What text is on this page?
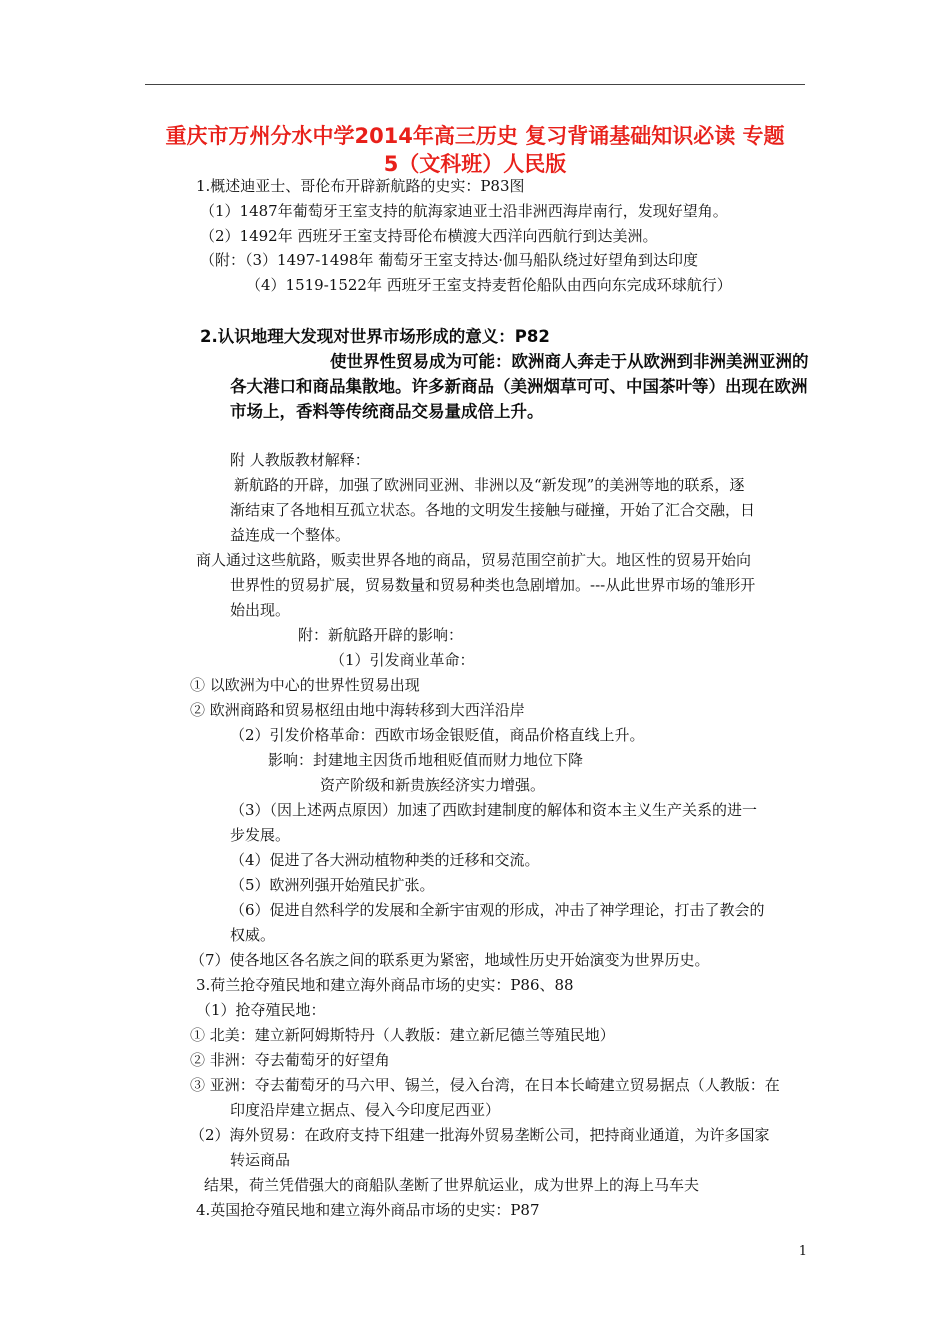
重庆市万州分水中学2014年高三历史 复习背诵基础知识必读 专题
5（文科班）人民版
1.概述迪亚士、哥伦布开辟新航路的史实：P83图
（1）1487年葡萄牙王室支持的航海家迪亚士沿非洲西海岸南行，发现好望角。
（2）1492年 西班牙王室支持哥伦布横渡大西洋向西航行到达美洲。
（附：（3）1497-1498年 葡萄牙王室支持达·伽马船队绕过好望角到达印度
（4）1519-1522年 西班牙王室支持麦哲伦船队由西向东完成环球航行）
2.认识地理大发现对世界市场形成的意义：P82
使世界性贸易成为可能：欧洲商人奔走于从欧洲到非洲美洲亚洲的
各大港口和商品集散地。许多新商品（美洲烟草可可、中国茶叶等）出现在欧洲
市场上，香料等传统商品交易量成倍上升。
附 人教版教材解释：
新航路的开辟，加强了欧洲同亚洲、非洲以及“新发现”的美洲等地的联系，逐
渐结束了各地相互孤立状态。各地的文明发生接触与碰撞，开始了汇合交融，日
益连成一个整体。
商人通过这些航路，贩卖世界各地的商品，贸易范围空前扩大。地区性的贸易开始向
世界性的贸易扩展，贸易数量和贸易种类也急剧增加。---从此世界市场的雏形开
始出现。
附：新航路开辟的影响：
（1）引发商业革命：
① 以欧洲为中心的世界性贸易出现
② 欧洲商路和贸易枢纽由地中海转移到大西洋沿岸
（2）引发价格革命：西欧市场金银贬值，商品价格直线上升。
影响：封建地主因货币地租贬值而财力地位下降
资产阶级和新贵族经济实力增强。
（3）（因上述两点原因）加速了西欧封建制度的解体和资本主义生产关系的进一
步发展。
（4）促进了各大洲动植物种类的迁移和交流。
（5）欧洲列强开始殖民扩张。
（6）促进自然科学的发展和全新宇宙观的形成，冲击了神学理论，打击了教会的
权威。
（7）使各地区各名族之间的联系更为紧密，地域性历史开始演变为世界历史。
3.荷兰抢夺殖民地和建立海外商品市场的史实：P86、88
（1）抢夺殖民地：
① 北美：建立新阿姆斯特丹（人教版：建立新尼德兰等殖民地）
② 非洲：夺去葡萄牙的好望角
③ 亚洲：夺去葡萄牙的马六甲、锡兰，侵入台湾，在日本长崎建立贸易据点（人教版：在
印度沿岸建立据点、侵入今印度尼西亚）
（2）海外贸易：在政府支持下组建一批海外贸易垄断公司，把持商业通道，为许多国家
转运商品
结果，荷兰凭借强大的商船队垄断了世界航运业，成为世界上的海上马车夫
4.英国抢夺殖民地和建立海外商品市场的史实：P87
1
